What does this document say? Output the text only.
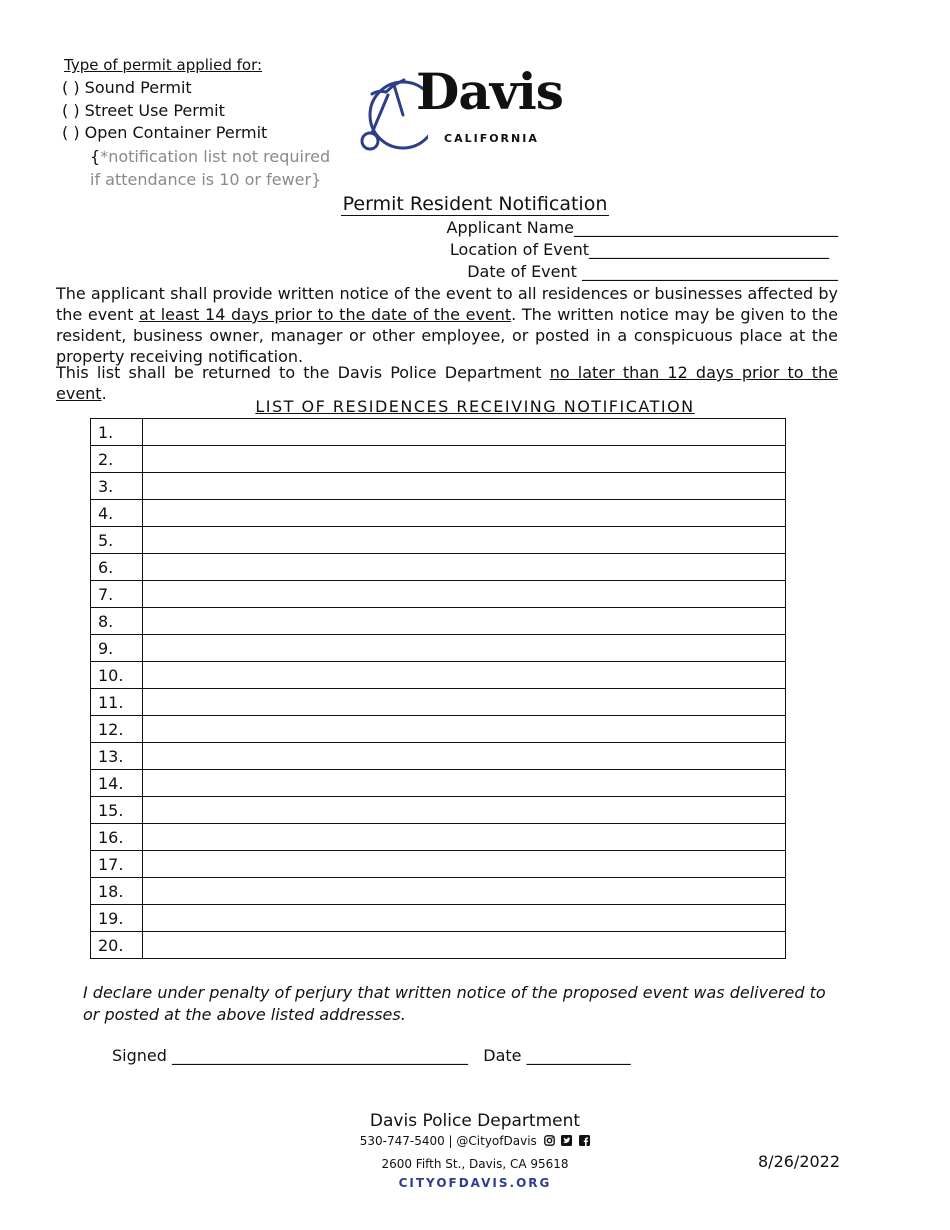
Type of permit applied for:
( ) Sound Permit
( ) Street Use Permit
( ) Open Container Permit
{*notification list not required if attendance is 10 or fewer}
Davis
CALIFORNIA
Permit Resident Notification
Applicant Name_________________________________
Location of Event______________________________
Date of Event ________________________________
The applicant shall provide written notice of the event to all residences or businesses affected by the event at least 14 days prior to the date of the event. The written notice may be given to the resident, business owner, manager or other employee, or posted in a conspicuous place at the property receiving notification.
This list shall be returned to the Davis Police Department no later than 12 days prior to the event.
LIST OF RESIDENCES RECEIVING NOTIFICATION
1.	
2.	
3.	
4.	
5.	
6.	
7.	
8.	
9.	
10.	
11.	
12.	
13.	
14.	
15.	
16.	
17.	
18.	
19.	
20.	
I declare under penalty of perjury that written notice of the proposed event was delivered to or posted at the above listed addresses.
Signed _____________________________________ Date _____________
Davis Police Department
530-747-5400 | @CityofDavis
2600 Fifth St., Davis, CA 95618
CITYOFDAVIS.ORG
8/26/2022
